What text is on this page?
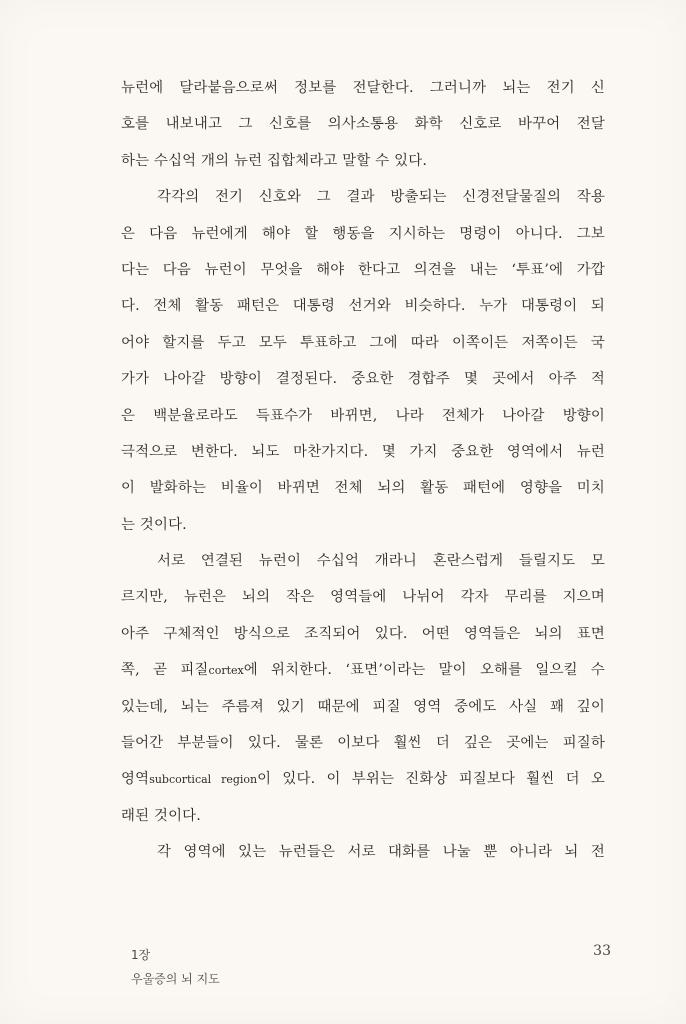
뉴런에 달라붙음으로써 정보를 전달한다. 그러니까 뇌는 전기 신
호를 내보내고 그 신호를 의사소통용 화학 신호로 바꾸어 전달
하는 수십억 개의 뉴런 집합체라고 말할 수 있다.
각각의 전기 신호와 그 결과 방출되는 신경전달물질의 작용
은 다음 뉴런에게 해야 할 행동을 지시하는 명령이 아니다. 그보
다는 다음 뉴런이 무엇을 해야 한다고 의견을 내는 ‘투표’에 가깝
다. 전체 활동 패턴은 대통령 선거와 비슷하다. 누가 대통령이 되
어야 할지를 두고 모두 투표하고 그에 따라 이쪽이든 저쪽이든 국
가가 나아갈 방향이 결정된다. 중요한 경합주 몇 곳에서 아주 적
은 백분율로라도 득표수가 바뀌면, 나라 전체가 나아갈 방향이
극적으로 변한다. 뇌도 마찬가지다. 몇 가지 중요한 영역에서 뉴런
이 발화하는 비율이 바뀌면 전체 뇌의 활동 패턴에 영향을 미치
는 것이다.
서로 연결된 뉴런이 수십억 개라니 혼란스럽게 들릴지도 모
르지만, 뉴런은 뇌의 작은 영역들에 나뉘어 각자 무리를 지으며
아주 구체적인 방식으로 조직되어 있다. 어떤 영역들은 뇌의 표면
쪽, 곧 피질cortex에 위치한다. ‘표면’이라는 말이 오해를 일으킬 수
있는데, 뇌는 주름져 있기 때문에 피질 영역 중에도 사실 꽤 깊이
들어간 부분들이 있다. 물론 이보다 훨씬 더 깊은 곳에는 피질하
영역subcortical region이 있다. 이 부위는 진화상 피질보다 훨씬 더 오
래된 것이다.
각 영역에 있는 뉴런들은 서로 대화를 나눌 뿐 아니라 뇌 전
1장
우울증의 뇌 지도
33
